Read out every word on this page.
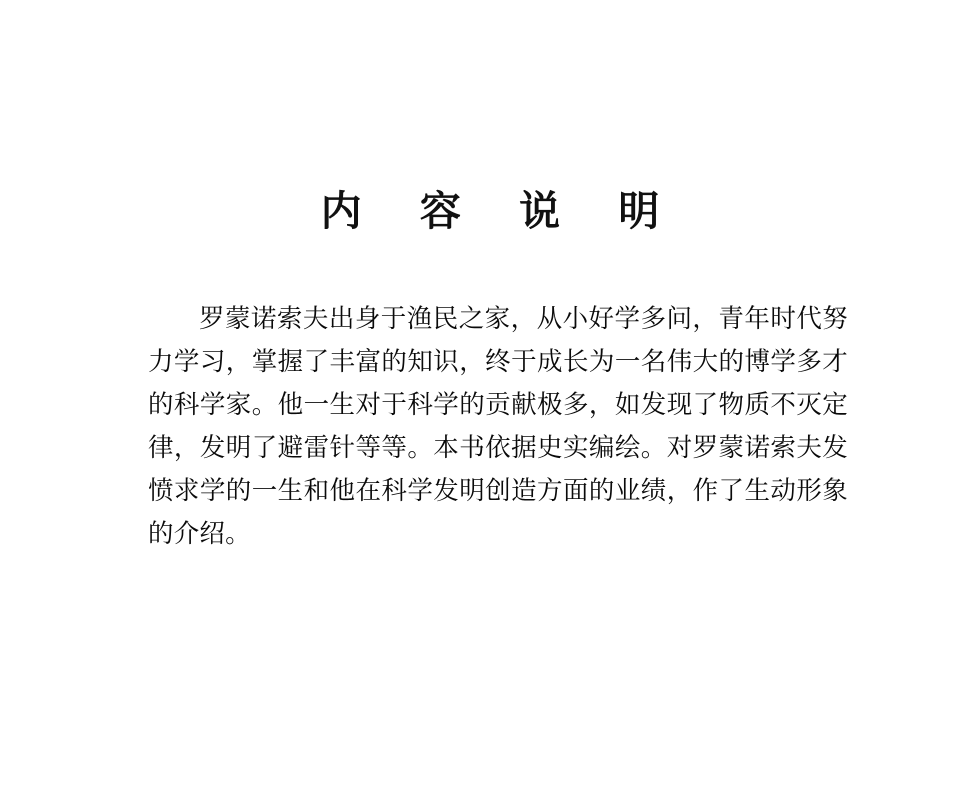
内 容 说 明

罗蒙诺索夫出身于渔民之家，从小好学多问，青年时代努力学习，掌握了丰富的知识，终于成长为一名伟大的博学多才的科学家。他一生对于科学的贡献极多，如发现了物质不灭定律，发明了避雷针等等。本书依据史实编绘。对罗蒙诺索夫发愤求学的一生和他在科学发明创造方面的业绩，作了生动形象的介绍。
